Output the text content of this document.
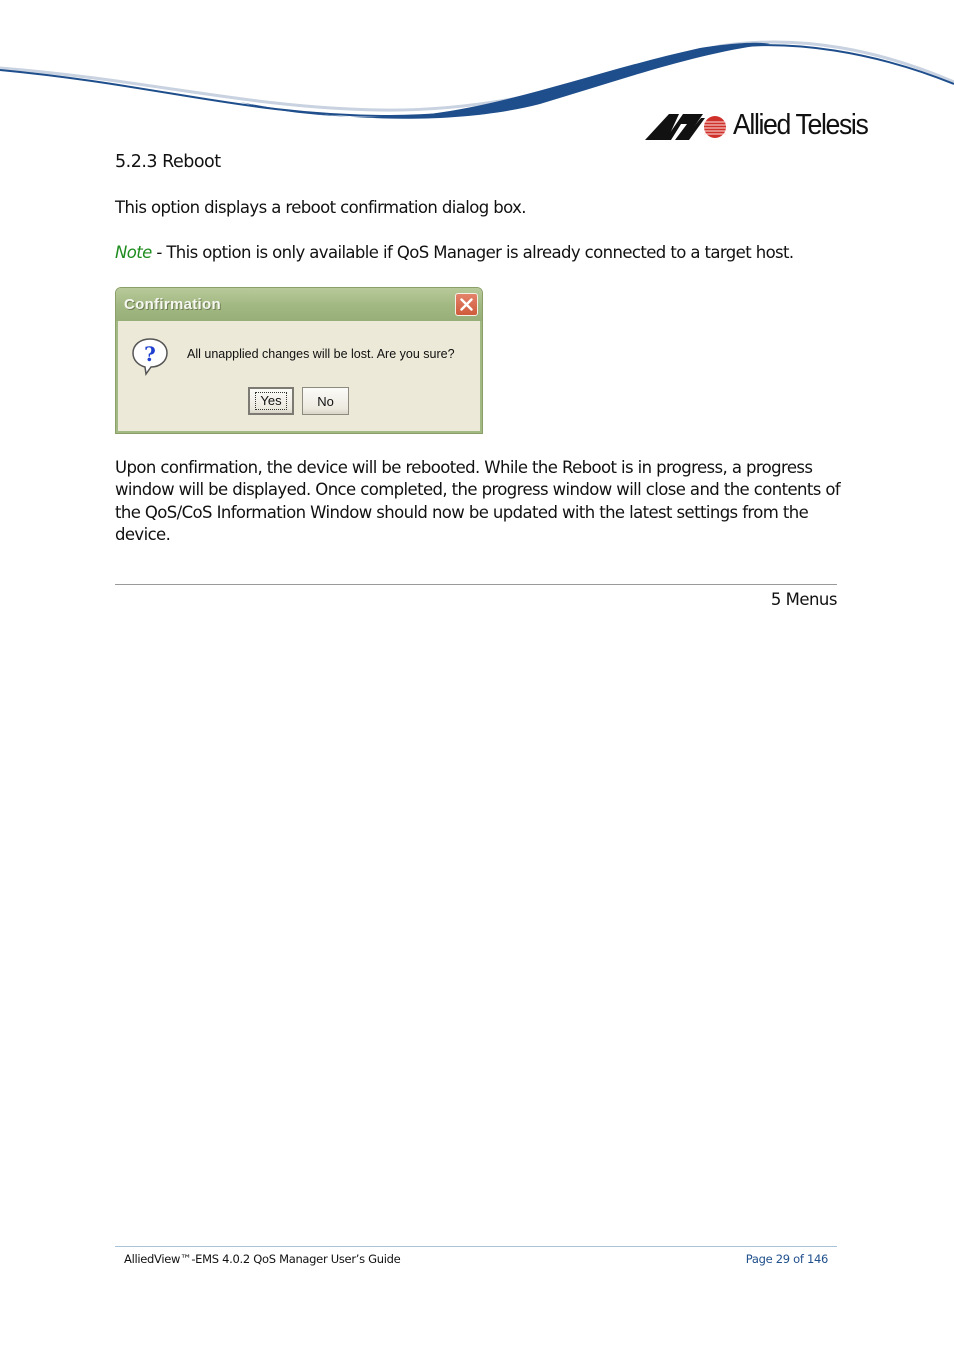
Allied Telesis
5.2.3 Reboot
This option displays a reboot confirmation dialog box.
Note - This option is only available if QoS Manager is already connected to a target host.
Confirmation
? All unapplied changes will be lost. Are you sure?
Yes	No
Upon confirmation, the device will be rebooted. While the Reboot is in progress, a progress window will be displayed. Once completed, the progress window will close and the contents of the QoS/CoS Information Window should now be updated with the latest settings from the device.
5 Menus
AlliedView™-EMS 4.0.2 QoS Manager User’s Guide	Page 29 of 146
